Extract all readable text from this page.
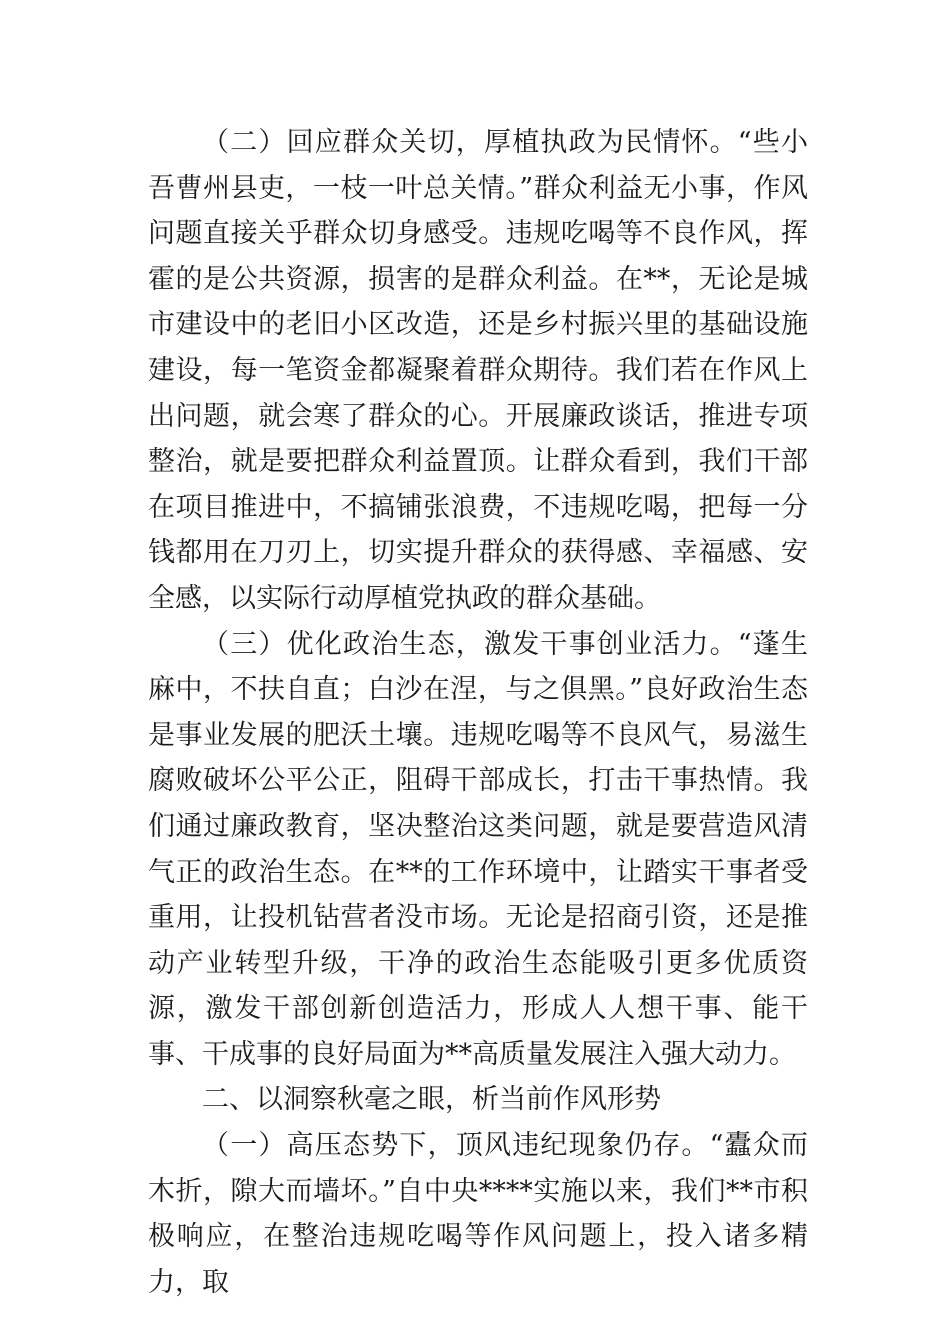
（二）回应群众关切，厚植执政为民情怀。“些小吾曹州县吏，一枝一叶总关情。”群众利益无小事，作风问题直接关乎群众切身感受。违规吃喝等不良作风，挥霍的是公共资源，损害的是群众利益。在**，无论是城市建设中的老旧小区改造，还是乡村振兴里的基础设施建设，每一笔资金都凝聚着群众期待。我们若在作风上出问题，就会寒了群众的心。开展廉政谈话，推进专项整治，就是要把群众利益置顶。让群众看到，我们干部在项目推进中，不搞铺张浪费，不违规吃喝，把每一分钱都用在刀刃上，切实提升群众的获得感、幸福感、安全感，以实际行动厚植党执政的群众基础。

（三）优化政治生态，激发干事创业活力。“蓬生麻中，不扶自直；白沙在涅，与之俱黑。”良好政治生态是事业发展的肥沃土壤。违规吃喝等不良风气，易滋生腐败破坏公平公正，阻碍干部成长，打击干事热情。我们通过廉政教育，坚决整治这类问题，就是要营造风清气正的政治生态。在**的工作环境中，让踏实干事者受重用，让投机钻营者没市场。无论是招商引资，还是推动产业转型升级，干净的政治生态能吸引更多优质资源，激发干部创新创造活力，形成人人想干事、能干事、干成事的良好局面为**高质量发展注入强大动力。

二、以洞察秋毫之眼，析当前作风形势

（一）高压态势下，顶风违纪现象仍存。“蠹众而木折，隙大而墙坏。”自中央****实施以来，我们**市积极响应，在整治违规吃喝等作风问题上，投入诸多精力，取
